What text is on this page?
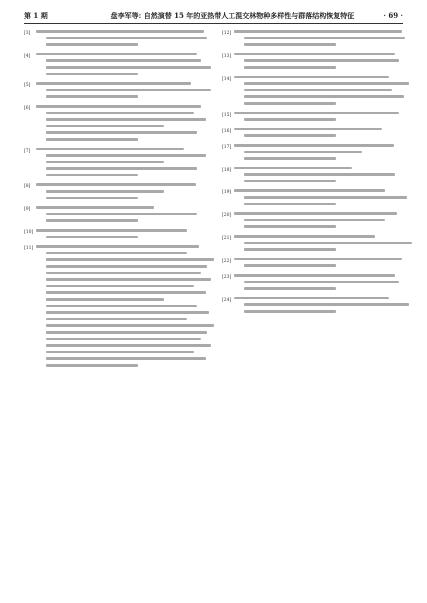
第 1 期	盘李军等: 自然演替 15 年的亚热带人工混交林物种多样性与群落结构恢复特征	· 69 ·
[3]
[4]
[5]
[6]
[7]
[8]
[9]
[10]
[11]
[12]
[13]
[14]
[15]
[16]
[17]
[18]
[19]
[20]
[21]
[22]
[23]
[24]
